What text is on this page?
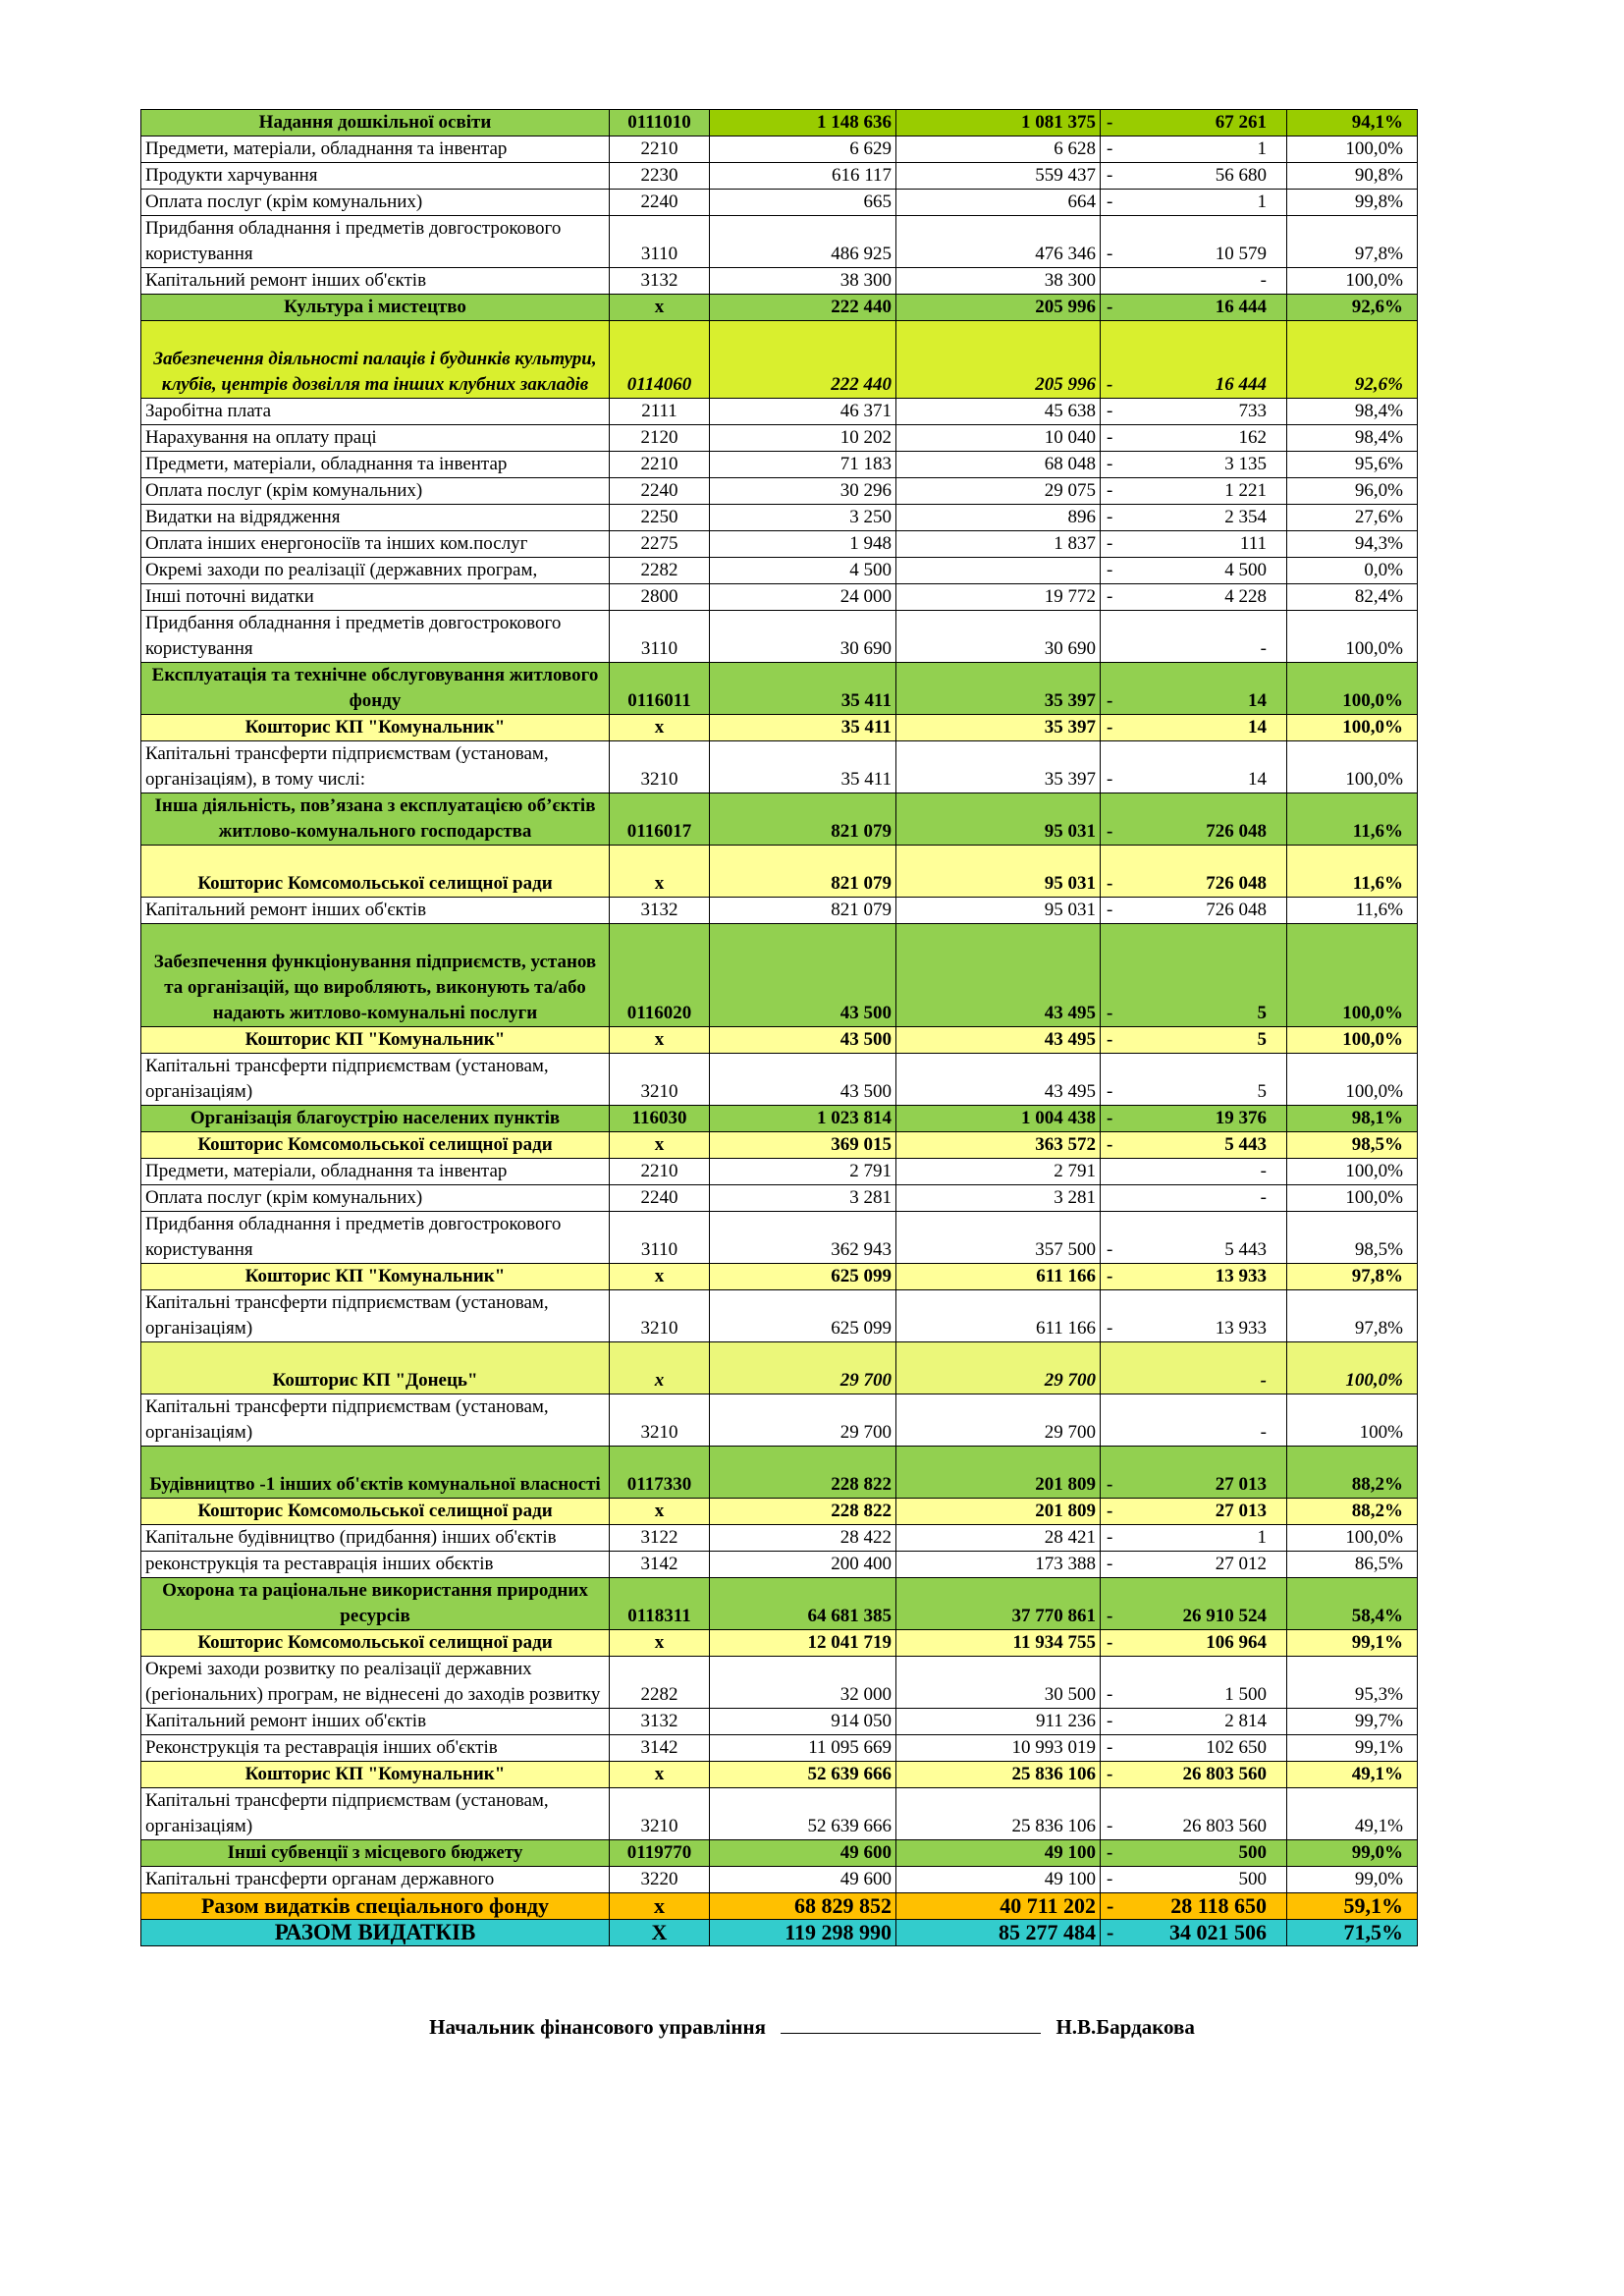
Надання дошкільної освіти	0111010	1 148 636	1 081 375	- 67 261	94,1%
Предмети, матеріали, обладнання та інвентар	2210	6 629	6 628	- 1	100,0%
Продукти харчування	2230	616 117	559 437	- 56 680	90,8%
Оплата послуг (крім комунальних)	2240	665	664	- 1	99,8%
Придбання обладнання і предметів довгострокового користування	3110	486 925	476 346	- 10 579	97,8%
Капітальний ремонт інших об'єктів	3132	38 300	38 300	-	100,0%
Культура і мистецтво	х	222 440	205 996	- 16 444	92,6%
Забезпечення діяльності палаців і будинків культури, клубів, центрів дозвілля та інших клубних закладів	0114060	222 440	205 996	- 16 444	92,6%
Заробітна плата	2111	46 371	45 638	- 733	98,4%
Нарахування на оплату праці	2120	10 202	10 040	- 162	98,4%
Предмети, матеріали, обладнання та інвентар	2210	71 183	68 048	- 3 135	95,6%
Оплата послуг (крім комунальних)	2240	30 296	29 075	- 1 221	96,0%
Видатки на відрядження	2250	3 250	896	- 2 354	27,6%
Оплата інших енергоносіїв та інших ком.послуг	2275	1 948	1 837	- 111	94,3%
Окремі заходи по реалізації (державних програм,	2282	4 500		- 4 500	0,0%
Інші поточні видатки	2800	24 000	19 772	- 4 228	82,4%
Придбання обладнання і предметів довгострокового користування	3110	30 690	30 690	-	100,0%
Експлуатація та технічне обслуговування житлового фонду	0116011	35 411	35 397	- 14	100,0%
Кошторис КП "Комунальник"	х	35 411	35 397	- 14	100,0%
Капітальні трансферти підприємствам (установам, організаціям), в тому числі:	3210	35 411	35 397	- 14	100,0%
Інша діяльність, пов’язана з експлуатацією об’єктів житлово-комунального господарства	0116017	821 079	95 031	- 726 048	11,6%
Кошторис Комсомольської селищної ради	х	821 079	95 031	- 726 048	11,6%
Капітальний ремонт інших об'єктів	3132	821 079	95 031	- 726 048	11,6%
Забезпечення функціонування підприємств, установ та організацій, що виробляють, виконують та/або надають житлово-комунальні послуги	0116020	43 500	43 495	- 5	100,0%
Кошторис КП "Комунальник"	х	43 500	43 495	- 5	100,0%
Капітальні трансферти підприємствам (установам, організаціям)	3210	43 500	43 495	- 5	100,0%
Організація благоустрію населених пунктів	116030	1 023 814	1 004 438	- 19 376	98,1%
Кошторис Комсомольської селищної ради	х	369 015	363 572	- 5 443	98,5%
Предмети, матеріали, обладнання та інвентар	2210	2 791	2 791	-	100,0%
Оплата послуг (крім комунальних)	2240	3 281	3 281	-	100,0%
Придбання обладнання і предметів довгострокового користування	3110	362 943	357 500	- 5 443	98,5%
Кошторис КП "Комунальник"	х	625 099	611 166	- 13 933	97,8%
Капітальні трансферти підприємствам (установам, організаціям)	3210	625 099	611 166	- 13 933	97,8%
Кошторис КП "Донець"	х	29 700	29 700	-	100,0%
Капітальні трансферти підприємствам (установам, організаціям)	3210	29 700	29 700	-	100%
Будівництво -1 інших об'єктів комунальної власності	0117330	228 822	201 809	- 27 013	88,2%
Кошторис Комсомольської селищної ради	х	228 822	201 809	- 27 013	88,2%
Капітальне будівництво (придбання) інших об'єктів	3122	28 422	28 421	- 1	100,0%
реконструкція та реставрація інших обєктів	3142	200 400	173 388	- 27 012	86,5%
Охорона та раціональне використання природних ресурсів	0118311	64 681 385	37 770 861	- 26 910 524	58,4%
Кошторис Комсомольської селищної ради	х	12 041 719	11 934 755	- 106 964	99,1%
Окремі заходи розвитку по реалізації державних (регіональних) програм, не віднесені до заходів розвитку	2282	32 000	30 500	- 1 500	95,3%
Капітальний ремонт інших об'єктів	3132	914 050	911 236	- 2 814	99,7%
Реконструкція та реставрація інших об'єктів	3142	11 095 669	10 993 019	- 102 650	99,1%
Кошторис КП "Комунальник"	х	52 639 666	25 836 106	- 26 803 560	49,1%
Капітальні трансферти підприємствам (установам, організаціям)	3210	52 639 666	25 836 106	- 26 803 560	49,1%
Інші субвенції з місцевого бюджету	0119770	49 600	49 100	- 500	99,0%
Капітальні трансферти органам державного	3220	49 600	49 100	- 500	99,0%
Разом видатків спеціального фонду	х	68 829 852	40 711 202	- 28 118 650	59,1%
РАЗОМ ВИДАТКІВ	Х	119 298 990	85 277 484	- 34 021 506	71,5%
Начальник фінансового управління	Н.В.Бардакова
